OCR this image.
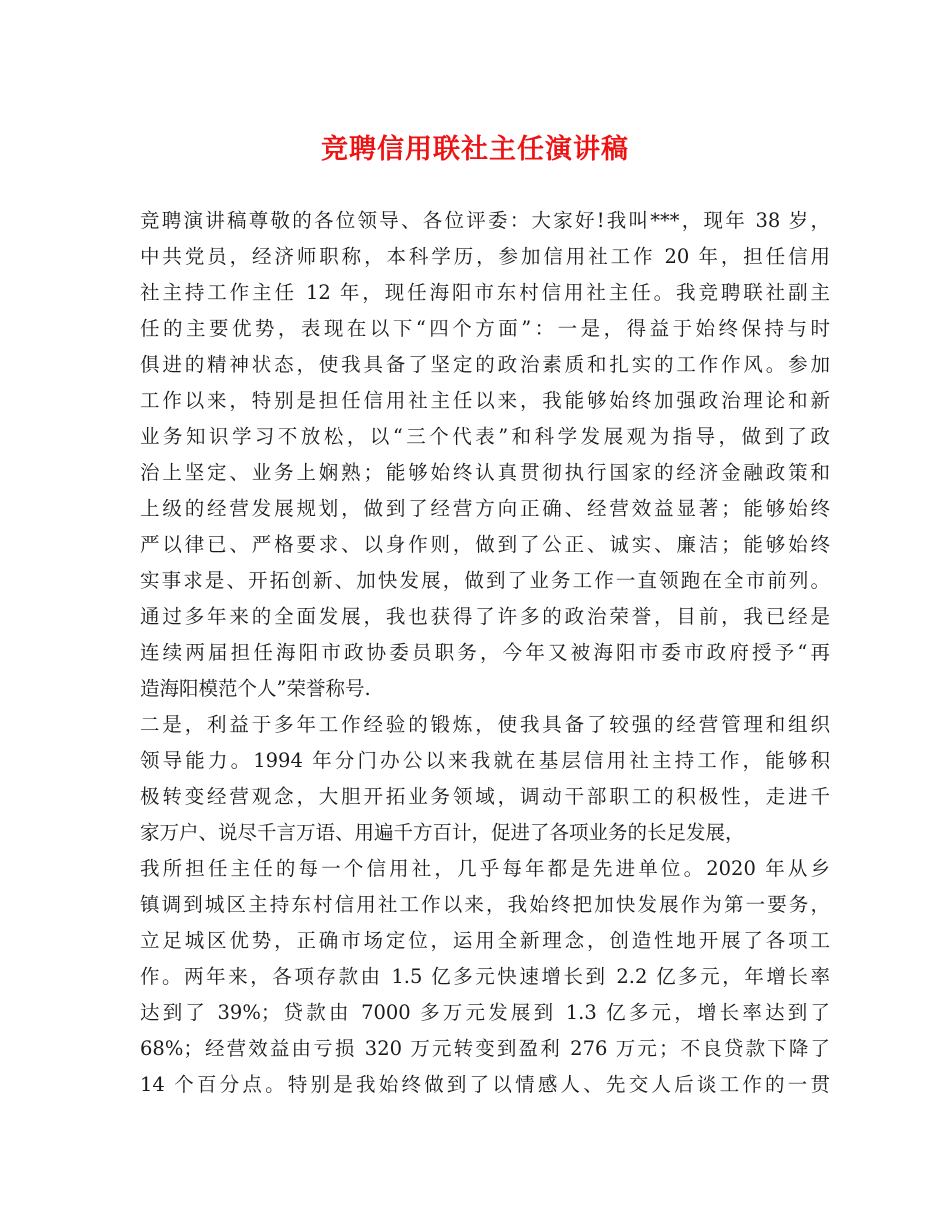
竞聘信用联社主任演讲稿
竞聘演讲稿尊敬的各位领导、各位评委：大家好!我叫***，现年 38 岁，
中共党员，经济师职称，本科学历，参加信用社工作 20 年，担任信用
社主持工作主任 12 年，现任海阳市东村信用社主任。我竞聘联社副主
任的主要优势，表现在以下“四个方面”：一是，得益于始终保持与时
俱进的精神状态，使我具备了坚定的政治素质和扎实的工作作风。参加
工作以来，特别是担任信用社主任以来，我能够始终加强政治理论和新
业务知识学习不放松，以“三个代表”和科学发展观为指导，做到了政
治上坚定、业务上娴熟；能够始终认真贯彻执行国家的经济金融政策和
上级的经营发展规划，做到了经营方向正确、经营效益显著；能够始终
严以律已、严格要求、以身作则，做到了公正、诚实、廉洁；能够始终
实事求是、开拓创新、加快发展，做到了业务工作一直领跑在全市前列。
通过多年来的全面发展，我也获得了许多的政治荣誉，目前，我已经是
连续两届担任海阳市政协委员职务，今年又被海阳市委市政府授予“再
造海阳模范个人”荣誉称号.
二是，利益于多年工作经验的锻炼，使我具备了较强的经营管理和组织
领导能力。1994 年分门办公以来我就在基层信用社主持工作，能够积
极转变经营观念，大胆开拓业务领域，调动干部职工的积极性，走进千
家万户、说尽千言万语、用遍千方百计，促进了各项业务的长足发展，
我所担任主任的每一个信用社，几乎每年都是先进单位。2020 年从乡
镇调到城区主持东村信用社工作以来，我始终把加快发展作为第一要务，
立足城区优势，正确市场定位，运用全新理念，创造性地开展了各项工
作。两年来，各项存款由 1.5 亿多元快速增长到 2.2 亿多元，年增长率
达到了 39%；贷款由 7000 多万元发展到 1.3 亿多元，增长率达到了
68%；经营效益由亏损 320 万元转变到盈利 276 万元；不良贷款下降了
14 个百分点。特别是我始终做到了以情感人、先交人后谈工作的一贯
